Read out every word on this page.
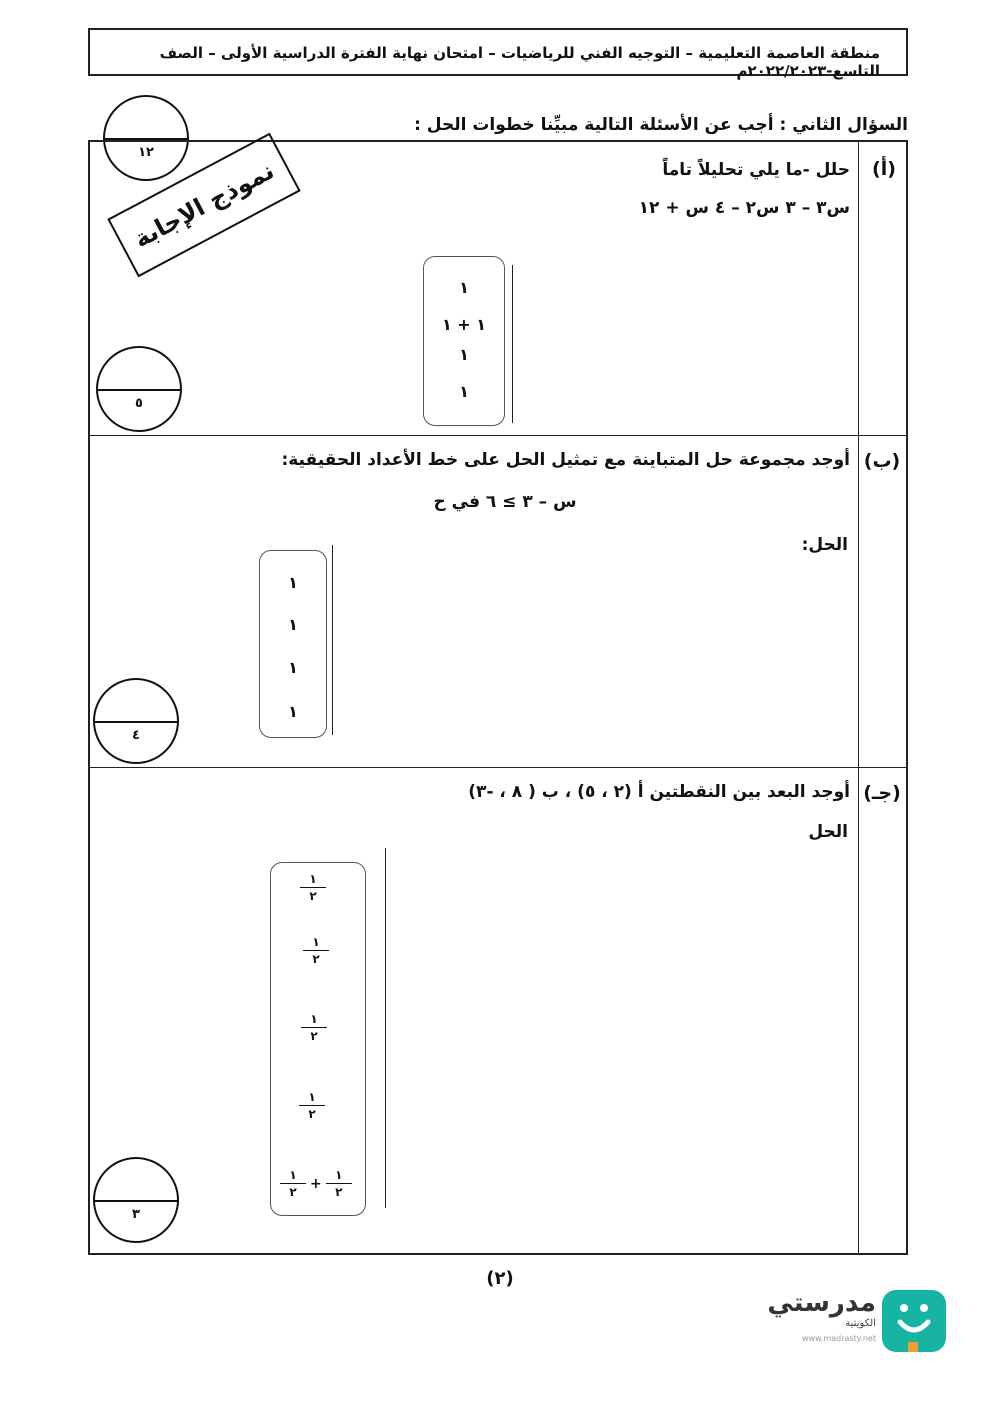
منطقة العاصمة التعليمية – التوجيه الفني للرياضيات – امتحان نهاية الفترة الدراسية الأولى – الصف التاسع-٢٠٢٢/٢٠٢٣م
١٢
السؤال الثاني : أجب عن الأسئلة التالية مبيِّنا خطوات الحل :
نموذج الإجابة	(أ)
حلل -ما يلي تحليلاً تاماً
س٣ – ٣ س٢ – ٤ س + ١٢
١
١ + ١
١
١
٥
(ب)
أوجد مجموعة حل المتباينة مع تمثيل الحل على خط الأعداد الحقيقية:
س – ٣ ≥ ٦ في ح
الحل:
١
١
١
١
٤
(جـ)
أوجد البعد بين النقطتين أ (٢ ، ٥) ، ب ( ٨ ، -٣)
الحل
$\frac{١}{٢}$
$\frac{١}{٢}$
$\frac{١}{٢}$
$\frac{١}{٢}$
$\frac{١}{٢} + \frac{١}{٢}$
٣
(٢)
مدرستي
الكويتية
www.madrasty.net
